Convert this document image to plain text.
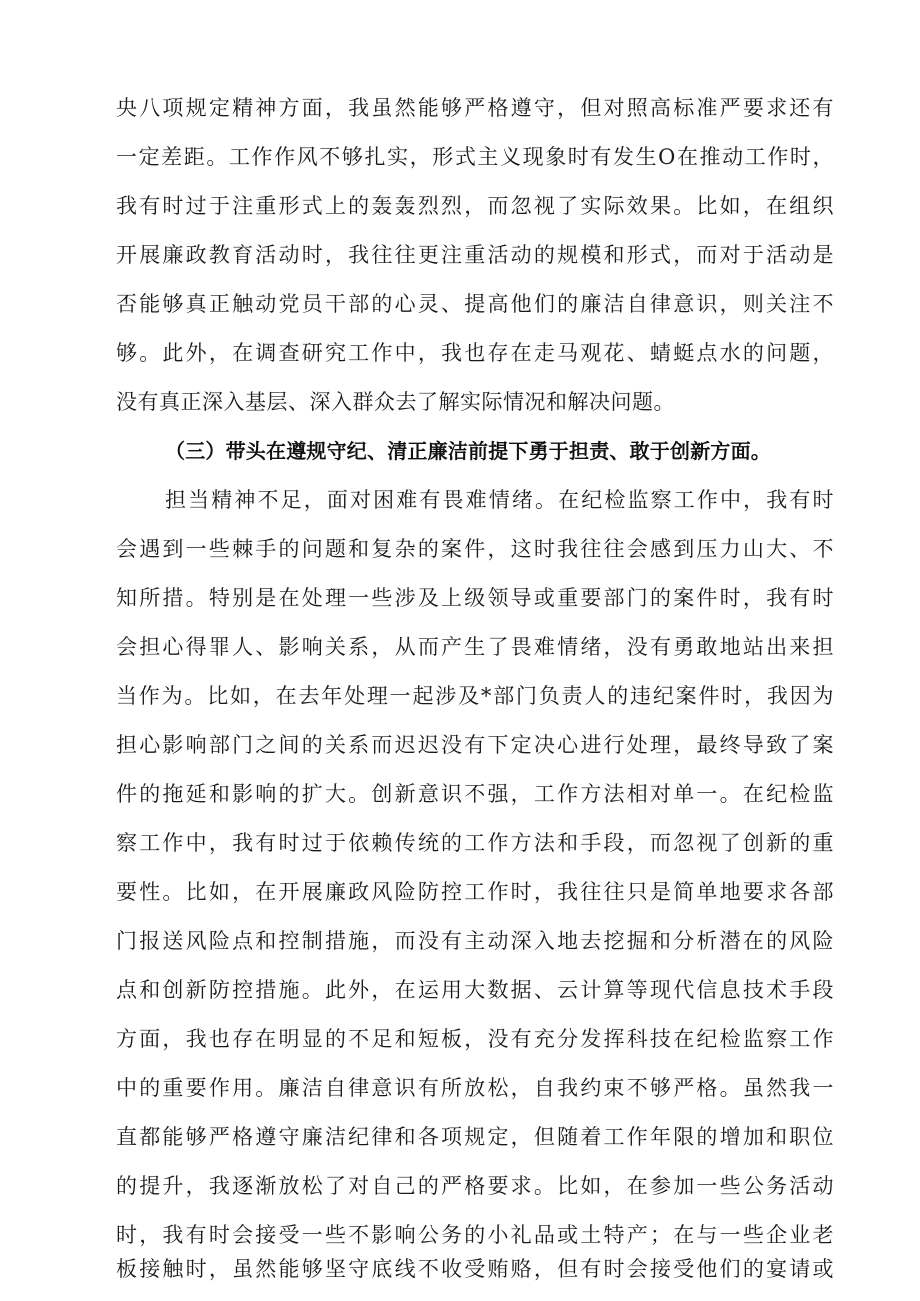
央八项规定精神方面，我虽然能够严格遵守，但对照高标准严要求还有
一定差距。工作作风不够扎实，形式主义现象时有发生O在推动工作时，
我有时过于注重形式上的轰轰烈烈，而忽视了实际效果。比如，在组织
开展廉政教育活动时，我往往更注重活动的规模和形式，而对于活动是
否能够真正触动党员干部的心灵、提高他们的廉洁自律意识，则关注不
够。此外，在调查研究工作中，我也存在走马观花、蜻蜓点水的问题，
没有真正深入基层、深入群众去了解实际情况和解决问题。
（三）带头在遵规守纪、清正廉洁前提下勇于担责、敢于创新方面。
担当精神不足，面对困难有畏难情绪。在纪检监察工作中，我有时
会遇到一些棘手的问题和复杂的案件，这时我往往会感到压力山大、不
知所措。特别是在处理一些涉及上级领导或重要部门的案件时，我有时
会担心得罪人、影响关系，从而产生了畏难情绪，没有勇敢地站出来担
当作为。比如，在去年处理一起涉及*部门负责人的违纪案件时，我因为
担心影响部门之间的关系而迟迟没有下定决心进行处理，最终导致了案
件的拖延和影响的扩大。创新意识不强，工作方法相对单一。在纪检监
察工作中，我有时过于依赖传统的工作方法和手段，而忽视了创新的重
要性。比如，在开展廉政风险防控工作时，我往往只是简单地要求各部
门报送风险点和控制措施，而没有主动深入地去挖掘和分析潜在的风险
点和创新防控措施。此外，在运用大数据、云计算等现代信息技术手段
方面，我也存在明显的不足和短板，没有充分发挥科技在纪检监察工作
中的重要作用。廉洁自律意识有所放松，自我约束不够严格。虽然我一
直都能够严格遵守廉洁纪律和各项规定，但随着工作年限的增加和职位
的提升，我逐渐放松了对自己的严格要求。比如，在参加一些公务活动
时，我有时会接受一些不影响公务的小礼品或土特产；在与一些企业老
板接触时，虽然能够坚守底线不收受贿赂，但有时会接受他们的宴请或
